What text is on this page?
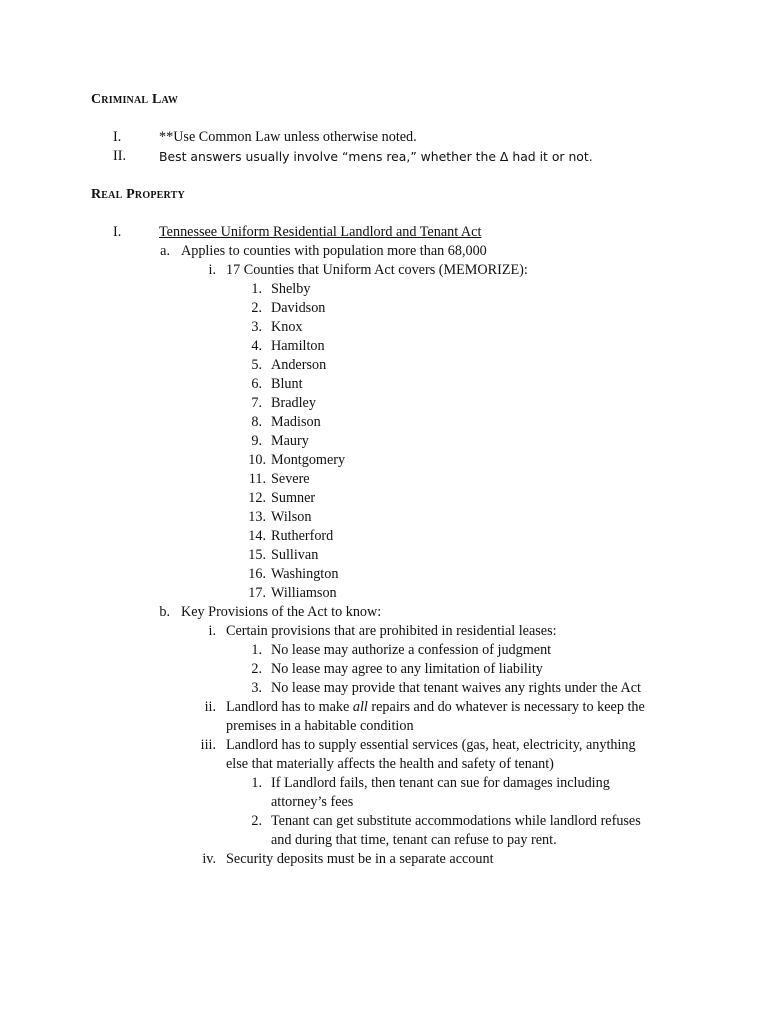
Criminal Law
I.	**Use Common Law unless otherwise noted.
II.	Best answers usually involve “mens rea,” whether the Δ had it or not.
Real Property
I.	Tennessee Uniform Residential Landlord and Tenant Act
a. Applies to counties with population more than 68,000
i. 17 Counties that Uniform Act covers (MEMORIZE):
1. Shelby
2. Davidson
3. Knox
4. Hamilton
5. Anderson
6. Blunt
7. Bradley
8. Madison
9. Maury
10. Montgomery
11. Severe
12. Sumner
13. Wilson
14. Rutherford
15. Sullivan
16. Washington
17. Williamson
b. Key Provisions of the Act to know:
i. Certain provisions that are prohibited in residential leases:
1. No lease may authorize a confession of judgment
2. No lease may agree to any limitation of liability
3. No lease may provide that tenant waives any rights under the Act
ii. Landlord has to make all repairs and do whatever is necessary to keep the
premises in a habitable condition
iii. Landlord has to supply essential services (gas, heat, electricity, anything
else that materially affects the health and safety of tenant)
1. If Landlord fails, then tenant can sue for damages including
attorney’s fees
2. Tenant can get substitute accommodations while landlord refuses
and during that time, tenant can refuse to pay rent.
iv. Security deposits must be in a separate account
